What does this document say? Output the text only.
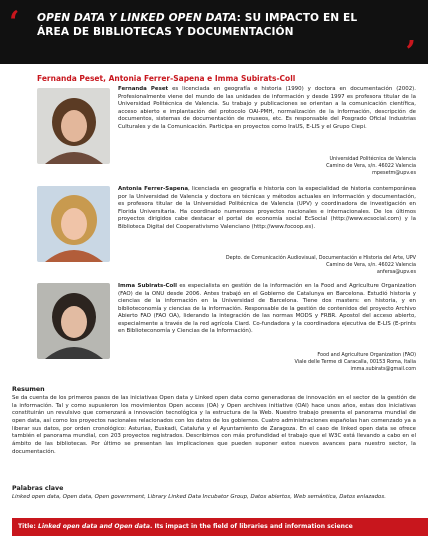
‘ OPEN DATA Y LINKED OPEN DATA: SU IMPACTO EN EL ÁREA DE BIBLIOTECAS Y DOCUMENTACIÓN
’
Fernanda Peset, Antonia Ferrer-Sapena e Imma Subirats-Coll
Fernanda Peset es licenciada en geografía e historia (1990) y doctora en documentación (2002). Profesionalmente viene del mundo de las unidades de información y desde 1997 es profesora titular de la Universidad Politécnica de Valencia. Su trabajo y publicaciones se orientan a la comunicación científica, acceso abierto e implantación del protocolo OAI-PMH, normalización de la información, descripción de documentos, sistemas de documentación de museos, etc. Es responsable del Posgrado Oficial Industrias Culturales y de la Comunicación. Participa en proyectos como IraUS, E-LIS y el Grupo Ciepi.
Universidad Politécnica de Valencia
Camino de Vera, s/n. 46022 Valencia
mpesetm@upv.es
Antonia Ferrer-Sapena, licenciada en geografía e historia con la especialidad de historia contemporánea por la Universidad de Valencia y doctora en técnicas y métodos actuales en información y documentación, es profesora titular de la Universidad Politécnica de Valencia (UPV) y coordinadora de investigación en Florida Universitaria. Ha coordinado numerosos proyectos nacionales e internacionales. De los últimos proyectos dirigidos cabe destacar el portal de economía social EcSocial (http://www.ecsocial.com) y la Biblioteca Digital del Cooperativismo Valenciano (http://www.focoop.es).
Depto. de Comunicación Audiovisual, Documentación e Historia del Arte, UPV
Camino de Vera, s/n. 46022 Valencia
anfersa@upv.es
Imma Subirats-Coll es especialista en gestión de la información en la Food and Agriculture Organization (FAO) de la ONU desde 2006. Antes trabajó en el Gobierno de Catalunya en Barcelona. Estudió historia y ciencias de la información en la Universidad de Barcelona. Tiene dos masters: en historia, y en biblioteconomía y ciencias de la información. Responsable de la gestión de contenidos del proyecto Archivo Abierto FAO (FAO OA), liderando la integración de las normas MODS y FRBR. Apostol del acceso abierto, especialmente a través de la red agrícola Ciard. Co-fundadora y la coordinadora ejecutiva de E-LIS (E-prints en Biblioteconomía y Ciencias de la Información).
Food and Agriculture Organization (FAO)
Viale delle Terme di Caracalla, 00153 Roma, Italia
imma.subirats@gmail.com
Resumen
Se da cuenta de los primeros pasos de las iniciativas Open data y Linked open data como generadoras de innovación en el sector de la gestión de la información. Tal y como supusieron los movimientos Open access (OA) y Open archives initiative (OAI) hace unos años, estas dos iniciativas constituirán un revulsivo que comenzará a innovación tecnológica y la estructura de la Web. Nuestro trabajo presenta el panorama mundial de open data, así como los proyectos nacionales relacionados con los datos de los gobiernos. Cuatro administraciones españolas han comenzado ya a liberar sus datos, por orden cronológico: Asturias, Euskadi, Cataluña y el Ayuntamiento de Zaragoza. En el caso de linked open data se ofrece también el panorama mundial, con 203 proyectos registrados. Describimos con más profundidad el trabajo que el W3C está llevando a cabo en el ámbito de las bibliotecas. Por último se presentan las implicaciones que pueden suponer estos nuevos avances para nuestro sector, la documentación.
Palabras clave
Linked open data, Open data, Open government, Library Linked Data Incubator Group, Datos abiertos, Web semántica, Datos enlazados.
Title: Linked open data and Open data. Its impact in the field of libraries and information science
